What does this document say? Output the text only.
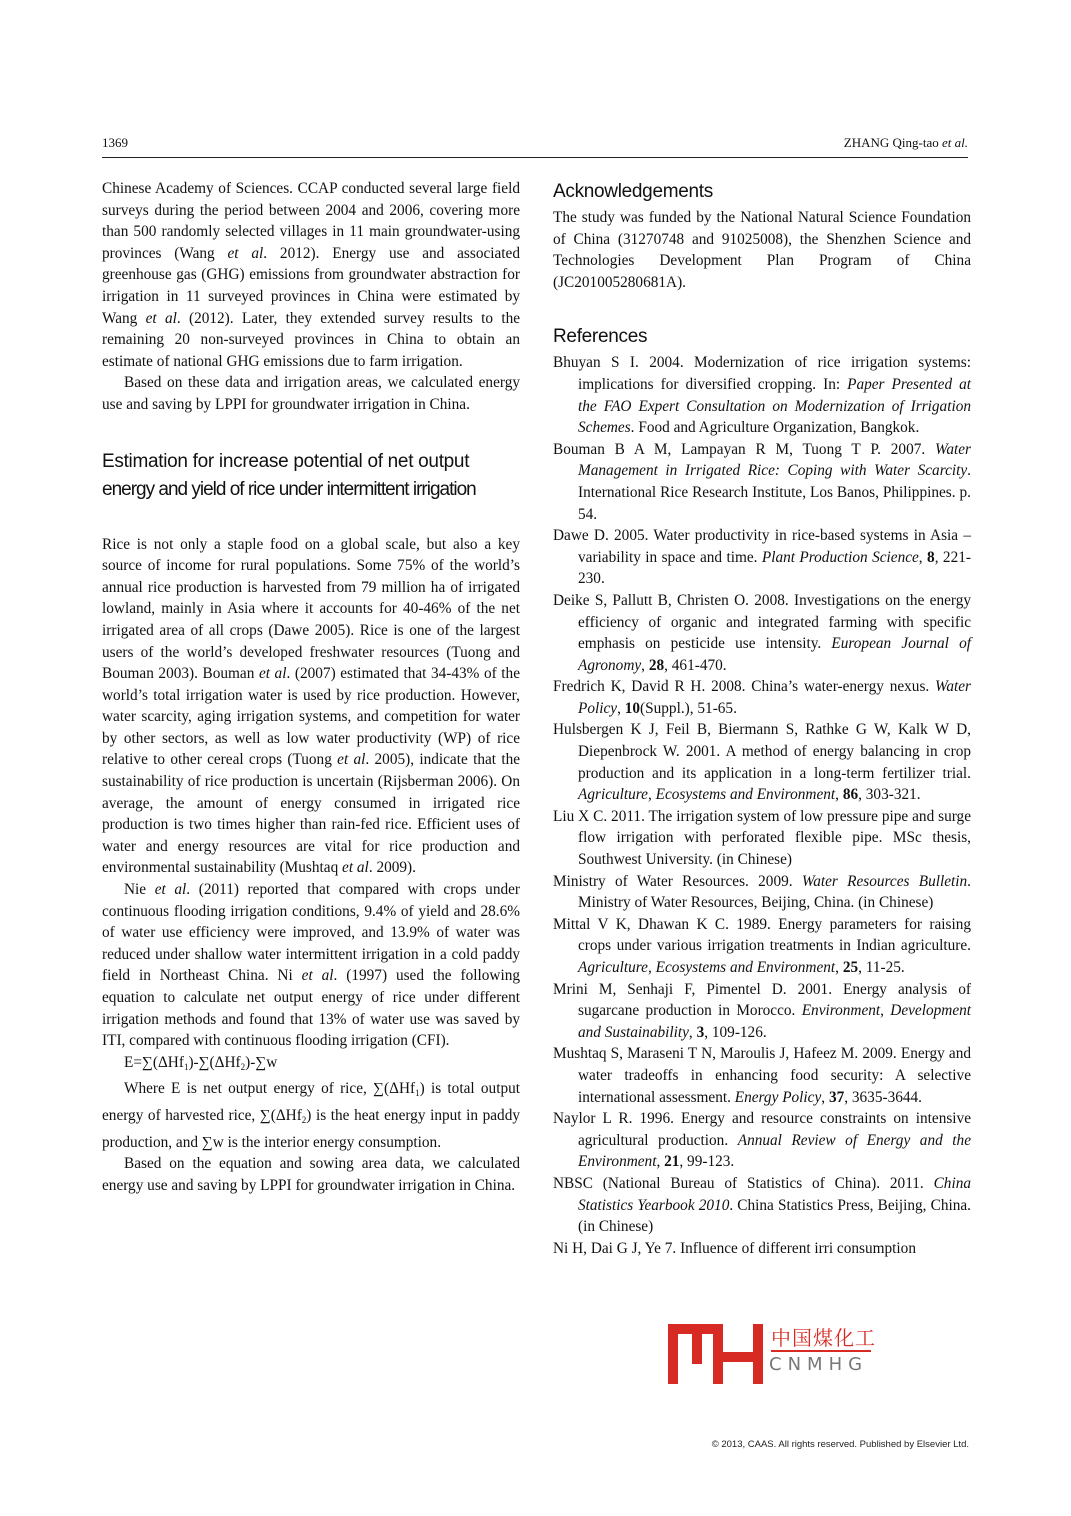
1369	ZHANG Qing-tao et al.

Chinese Academy of Sciences. CCAP conducted several large field surveys during the period between 2004 and 2006, covering more than 500 randomly selected villages in 11 main groundwater-using provinces (Wang et al. 2012). Energy use and associated greenhouse gas (GHG) emissions from groundwater abstraction for irrigation in 11 surveyed provinces in China were estimated by Wang et al. (2012). Later, they extended survey results to the remaining 20 non-surveyed provinces in China to obtain an estimate of national GHG emissions due to farm irrigation.

Based on these data and irrigation areas, we calculated energy use and saving by LPPI for groundwater irrigation in China.

Estimation for increase potential of net output
energy and yield of rice under intermittent irrigation

Rice is not only a staple food on a global scale, but also a key source of income for rural populations. Some 75% of the world’s annual rice production is harvested from 79 million ha of irrigated lowland, mainly in Asia where it accounts for 40-46% of the net irrigated area of all crops (Dawe 2005). Rice is one of the largest users of the world’s developed freshwater resources (Tuong and Bouman 2003). Bouman et al. (2007) estimated that 34-43% of the world’s total irrigation water is used by rice production. However, water scarcity, aging irrigation systems, and competition for water by other sectors, as well as low water productivity (WP) of rice relative to other cereal crops (Tuong et al. 2005), indicate that the sustainability of rice production is uncertain (Rijsberman 2006). On average, the amount of energy consumed in irrigated rice production is two times higher than rain-fed rice. Efficient uses of water and energy resources are vital for rice production and environmental sustainability (Mushtaq et al. 2009).

Nie et al. (2011) reported that compared with crops under continuous flooding irrigation conditions, 9.4% of yield and 28.6% of water use efficiency were improved, and 13.9% of water was reduced under shallow water intermittent irrigation in a cold paddy field in Northeast China. Ni et al. (1997) used the following equation to calculate net output energy of rice under different irrigation methods and found that 13% of water use was saved by ITI, compared with continuous flooding irrigation (CFI).

E=∑(ΔHf$_1$)-∑(ΔHf$_2$)-∑w

Where E is net output energy of rice, ∑(ΔHf$_1$) is total output energy of harvested rice, ∑(ΔHf$_2$) is the heat energy input in paddy production, and ∑w is the interior energy consumption.

Based on the equation and sowing area data, we calculated energy use and saving by LPPI for groundwater irrigation in China.

Acknowledgements

The study was funded by the National Natural Science Foundation of China (31270748 and 91025008), the Shenzhen Science and Technologies Development Plan Program of China (JC201005280681A).

References

Bhuyan S I. 2004. Modernization of rice irrigation systems: implications for diversified cropping. In: Paper Presented at the FAO Expert Consultation on Modernization of Irrigation Schemes. Food and Agriculture Organization, Bangkok.

Bouman B A M, Lampayan R M, Tuong T P. 2007. Water Management in Irrigated Rice: Coping with Water Scarcity. International Rice Research Institute, Los Banos, Philippines. p. 54.

Dawe D. 2005. Water productivity in rice-based systems in Asia – variability in space and time. Plant Production Science, 8, 221-230.

Deike S, Pallutt B, Christen O. 2008. Investigations on the energy efficiency of organic and integrated farming with specific emphasis on pesticide use intensity. European Journal of Agronomy, 28, 461-470.

Fredrich K, David R H. 2008. China’s water-energy nexus. Water Policy, 10(Suppl.), 51-65.

Hulsbergen K J, Feil B, Biermann S, Rathke G W, Kalk W D, Diepenbrock W. 2001. A method of energy balancing in crop production and its application in a long-term fertilizer trial. Agriculture, Ecosystems and Environment, 86, 303-321.

Liu X C. 2011. The irrigation system of low pressure pipe and surge flow irrigation with perforated flexible pipe. MSc thesis, Southwest University. (in Chinese)

Ministry of Water Resources. 2009. Water Resources Bulletin. Ministry of Water Resources, Beijing, China. (in Chinese)

Mittal V K, Dhawan K C. 1989. Energy parameters for raising crops under various irrigation treatments in Indian agriculture. Agriculture, Ecosystems and Environment, 25, 11-25.

Mrini M, Senhaji F, Pimentel D. 2001. Energy analysis of sugarcane production in Morocco. Environment, Development and Sustainability, 3, 109-126.

Mushtaq S, Maraseni T N, Maroulis J, Hafeez M. 2009. Energy and water tradeoffs in enhancing food security: A selective international assessment. Energy Policy, 37, 3635-3644.

Naylor L R. 1996. Energy and resource constraints on intensive agricultural production. Annual Review of Energy and the Environment, 21, 99-123.

NBSC (National Bureau of Statistics of China). 2011. China Statistics Yearbook 2010. China Statistics Press, Beijing, China. (in Chinese)

Ni H, Dai G J, Ye 7. Influence of different irri consumption

中国煤化工
CNMHG
© 2013, CAAS. All rights reserved. Published by Elsevier Ltd.
